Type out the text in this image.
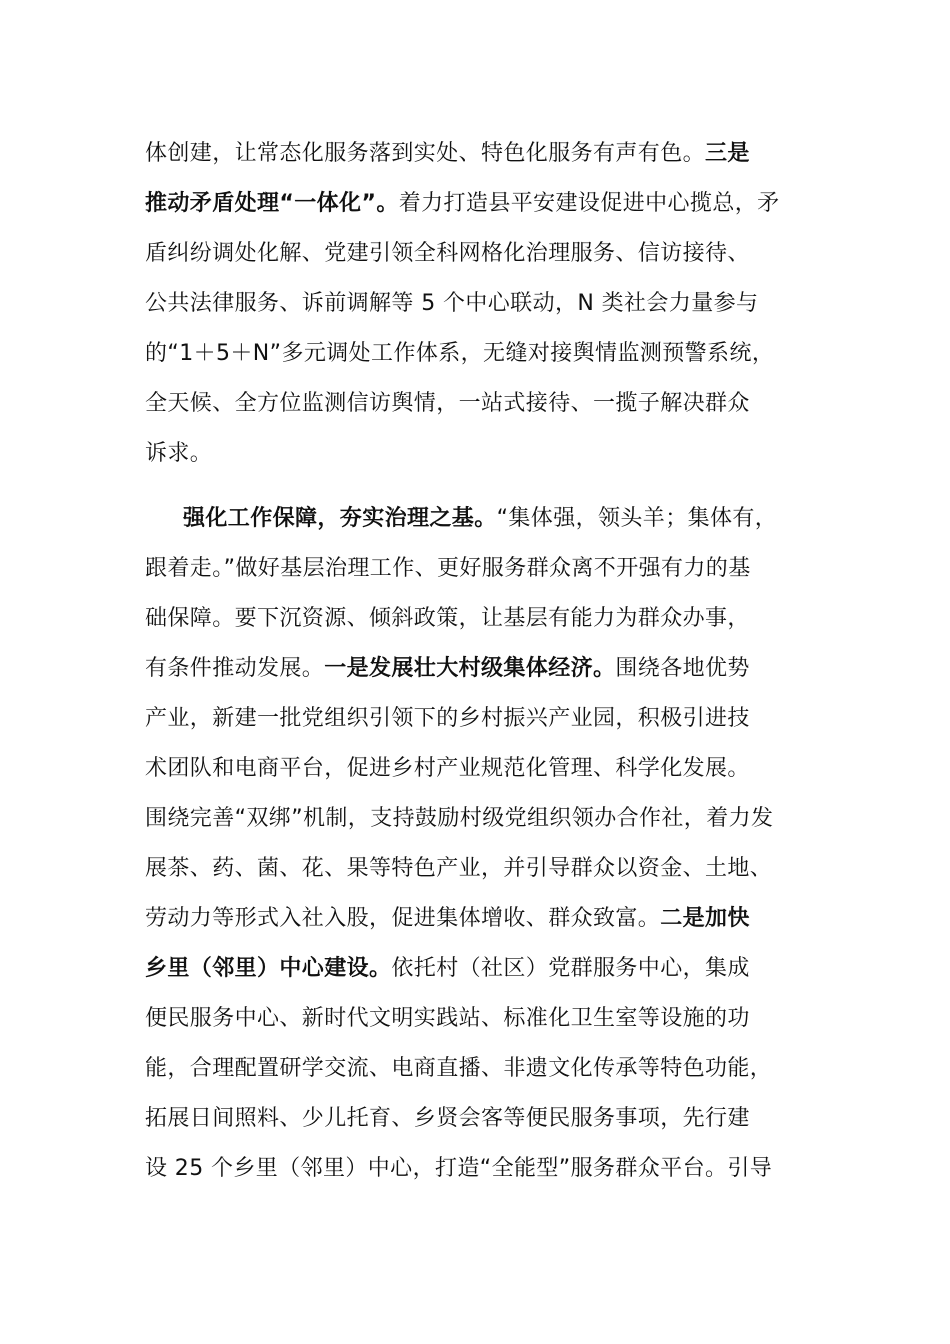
体创建，让常态化服务落到实处、特色化服务有声有色。三是
推动矛盾处理“一体化”。着力打造县平安建设促进中心揽总，矛
盾纠纷调处化解、党建引领全科网格化治理服务、信访接待、
公共法律服务、诉前调解等 5 个中心联动，N 类社会力量参与
的“1＋5＋N”多元调处工作体系，无缝对接舆情监测预警系统，
全天候、全方位监测信访舆情，一站式接待、一揽子解决群众
诉求。
强化工作保障，夯实治理之基。“集体强，领头羊；集体有，
跟着走。”做好基层治理工作、更好服务群众离不开强有力的基
础保障。要下沉资源、倾斜政策，让基层有能力为群众办事，
有条件推动发展。一是发展壮大村级集体经济。围绕各地优势
产业，新建一批党组织引领下的乡村振兴产业园，积极引进技
术团队和电商平台，促进乡村产业规范化管理、科学化发展。
围绕完善“双绑”机制，支持鼓励村级党组织领办合作社，着力发
展茶、药、菌、花、果等特色产业，并引导群众以资金、土地、
劳动力等形式入社入股，促进集体增收、群众致富。二是加快
乡里（邻里）中心建设。依托村（社区）党群服务中心，集成
便民服务中心、新时代文明实践站、标准化卫生室等设施的功
能，合理配置研学交流、电商直播、非遗文化传承等特色功能，
拓展日间照料、少儿托育、乡贤会客等便民服务事项，先行建
设 25 个乡里（邻里）中心，打造“全能型”服务群众平台。引导
